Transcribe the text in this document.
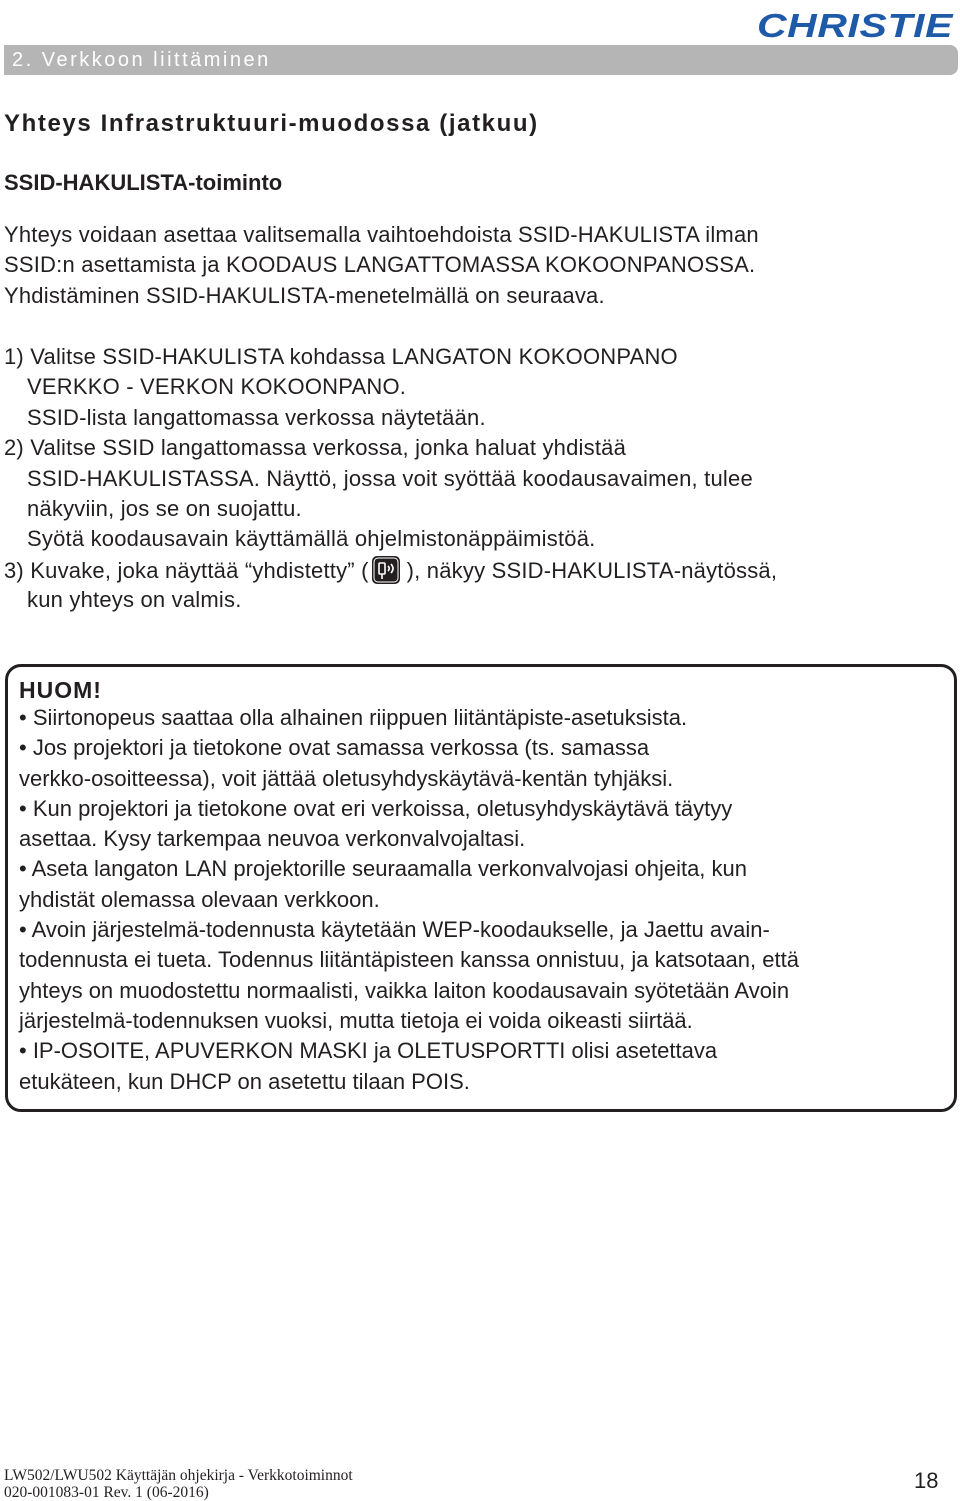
2. Verkkoon liittäminen
CHRISTIE
Yhteys Infrastruktuuri-muodossa (jatkuu)
SSID-HAKULISTA-toiminto
Yhteys voidaan asettaa valitsemalla vaihtoehdoista SSID-HAKULISTA ilman
SSID:n asettamista ja KOODAUS LANGATTOMASSA KOKOONPANOSSA.
Yhdistäminen SSID-HAKULISTA-menetelmällä on seuraava.
1) Valitse SSID-HAKULISTA kohdassa LANGATON KOKOONPANO
VERKKO - VERKON KOKOONPANO.
SSID-lista langattomassa verkossa näytetään.
2) Valitse SSID langattomassa verkossa, jonka haluat yhdistää
SSID-HAKULISTASSA. Näyttö, jossa voit syöttää koodausavaimen, tulee
näkyviin, jos se on suojattu.
Syötä koodausavain käyttämällä ohjelmistonäppäimistöä.
3) Kuvake, joka näyttää “yhdistetty” ( ), näkyy SSID-HAKULISTA-näytössä,
kun yhteys on valmis.
HUOM!
• Siirtonopeus saattaa olla alhainen riippuen liitäntäpiste-asetuksista.
• Jos projektori ja tietokone ovat samassa verkossa (ts. samassa
verkko-osoitteessa), voit jättää oletusyhdyskäytävä-kentän tyhjäksi.
• Kun projektori ja tietokone ovat eri verkoissa, oletusyhdyskäytävä täytyy
asettaa. Kysy tarkempaa neuvoa verkonvalvojaltasi.
• Aseta langaton LAN projektorille seuraamalla verkonvalvojasi ohjeita, kun
yhdistät olemassa olevaan verkkoon.
• Avoin järjestelmä-todennusta käytetään WEP-koodaukselle, ja Jaettu avain-
todennusta ei tueta. Todennus liitäntäpisteen kanssa onnistuu, ja katsotaan, että
yhteys on muodostettu normaalisti, vaikka laiton koodausavain syötetään Avoin
järjestelmä-todennuksen vuoksi, mutta tietoja ei voida oikeasti siirtää.
• IP-OSOITE, APUVERKON MASKI ja OLETUSPORTTI olisi asetettava
etukäteen, kun DHCP on asetettu tilaan POIS.
LW502/LWU502 Käyttäjän ohjekirja - Verkkotoiminnot
020-001083-01 Rev. 1 (06-2016)	18
